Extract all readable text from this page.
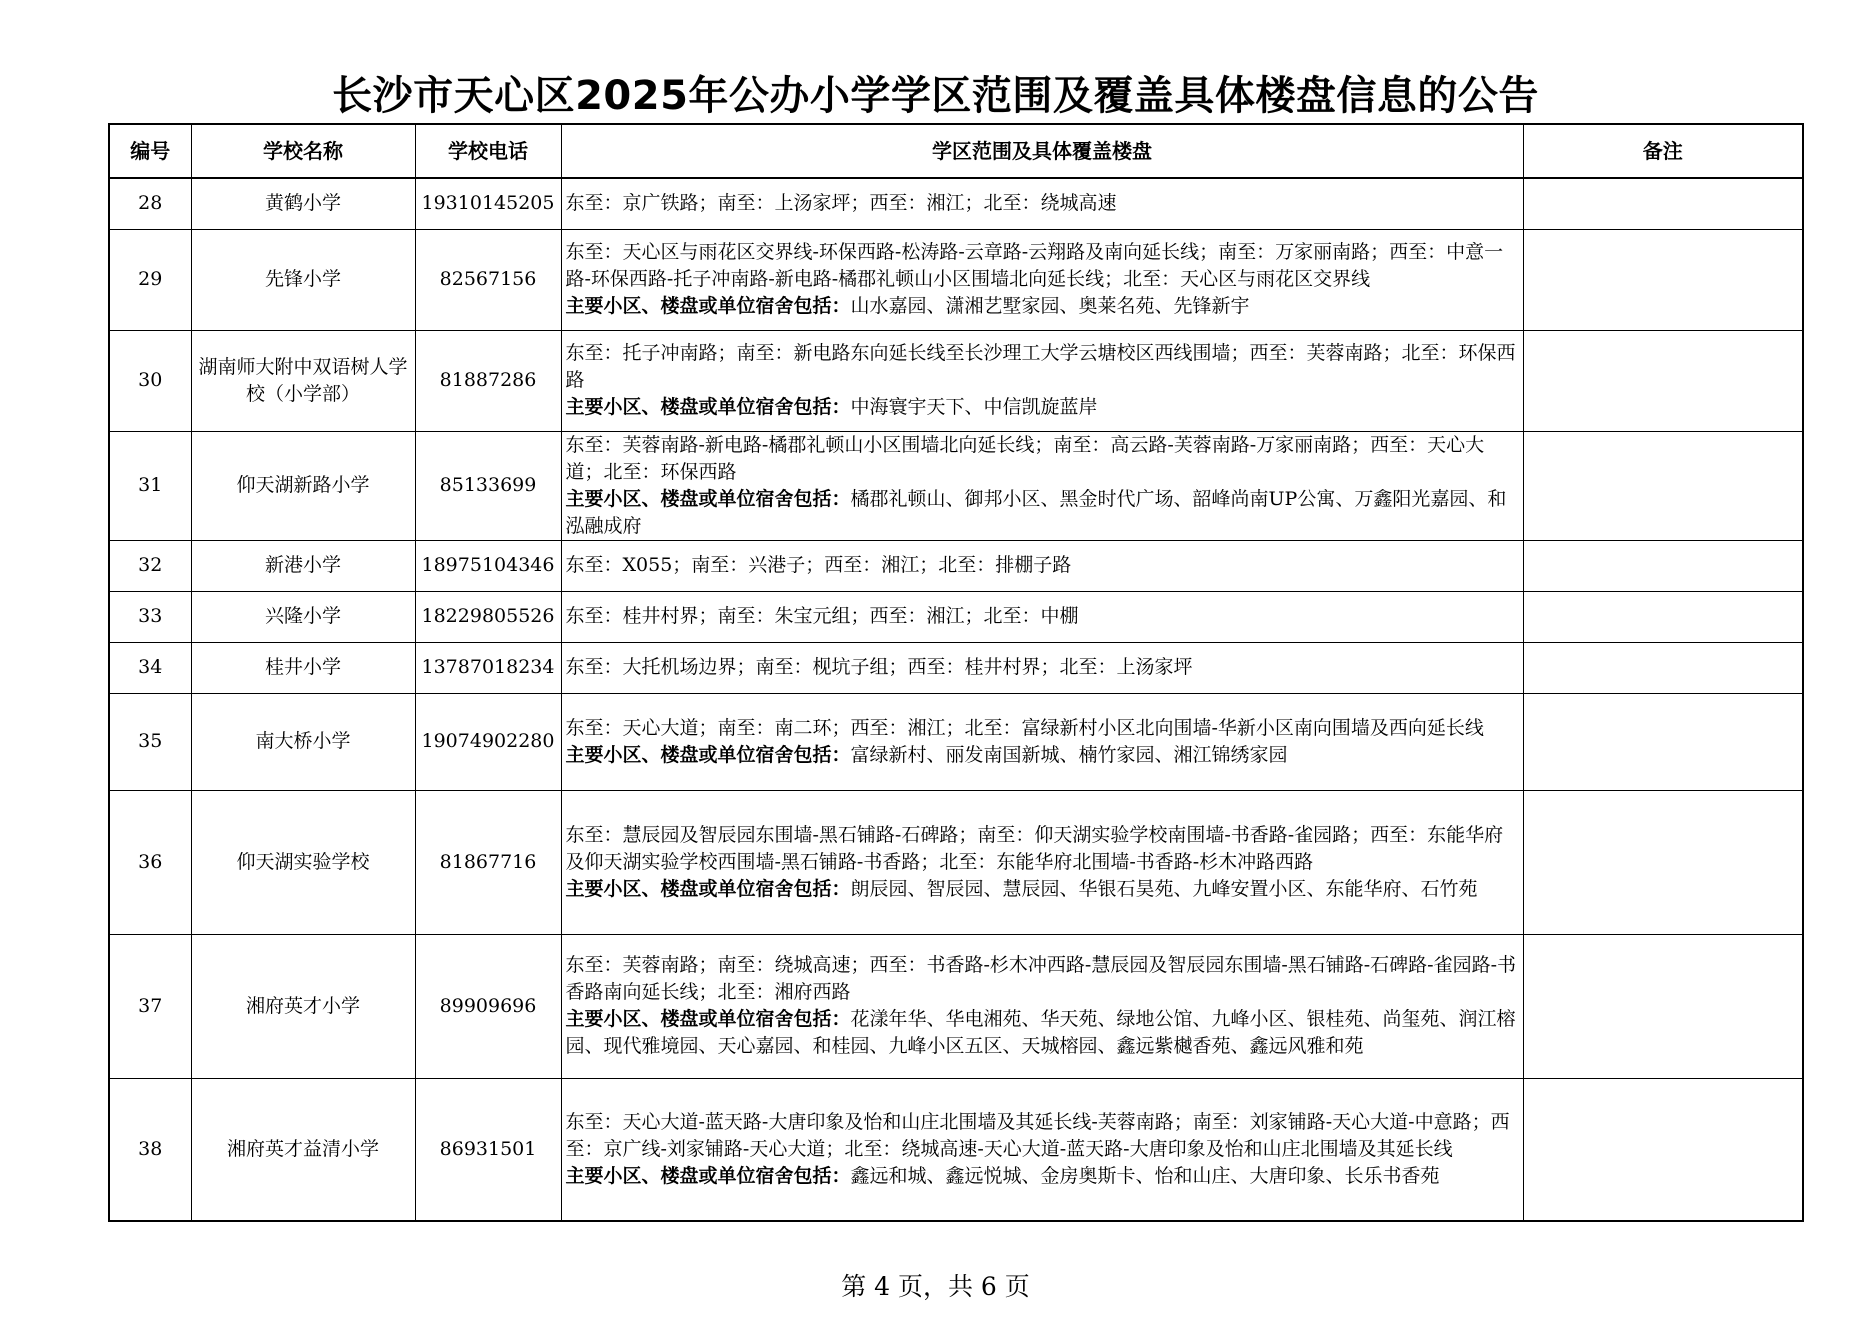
长沙市天心区2025年公办小学学区范围及覆盖具体楼盘信息的公告
编号	学校名称	学校电话	学区范围及具体覆盖楼盘	备注
28	黄鹤小学	19310145205	东至：京广铁路；南至：上汤家坪；西至：湘江；北至：绕城高速	
29	先锋小学	82567156	东至：天心区与雨花区交界线-环保西路-松涛路-云章路-云翔路及南向延长线；南至：万家丽南路；西至：中意一路-环保西路-托子冲南路-新电路-橘郡礼顿山小区围墙北向延长线；北至：天心区与雨花区交界线
主要小区、楼盘或单位宿舍包括：山水嘉园、潇湘艺墅家园、奥莱名苑、先锋新宇	
30	湖南师大附中双语树人学校（小学部）	81887286	东至：托子冲南路；南至：新电路东向延长线至长沙理工大学云塘校区西线围墙；西至：芙蓉南路；北至：环保西路
主要小区、楼盘或单位宿舍包括：中海寰宇天下、中信凯旋蓝岸	
31	仰天湖新路小学	85133699	东至：芙蓉南路-新电路-橘郡礼顿山小区围墙北向延长线；南至：高云路-芙蓉南路-万家丽南路；西至：天心大道；北至：环保西路
主要小区、楼盘或单位宿舍包括：橘郡礼顿山、御邦小区、黑金时代广场、韶峰尚南UP公寓、万鑫阳光嘉园、和泓融成府	
32	新港小学	18975104346	东至：X055；南至：兴港子；西至：湘江；北至：排棚子路	
33	兴隆小学	18229805526	东至：桂井村界；南至：朱宝元组；西至：湘江；北至：中棚	
34	桂井小学	13787018234	东至：大托机场边界；南至：枧坑子组；西至：桂井村界；北至：上汤家坪	
35	南大桥小学	19074902280	东至：天心大道；南至：南二环；西至：湘江；北至：富绿新村小区北向围墙-华新小区南向围墙及西向延长线
主要小区、楼盘或单位宿舍包括：富绿新村、丽发南国新城、楠竹家园、湘江锦绣家园	
36	仰天湖实验学校	81867716	东至：慧辰园及智辰园东围墙-黑石铺路-石碑路；南至：仰天湖实验学校南围墙-书香路-雀园路；西至：东能华府及仰天湖实验学校西围墙-黑石铺路-书香路；北至：东能华府北围墙-书香路-杉木冲路西路
主要小区、楼盘或单位宿舍包括：朗辰园、智辰园、慧辰园、华银石昊苑、九峰安置小区、东能华府、石竹苑	
37	湘府英才小学	89909696	东至：芙蓉南路；南至：绕城高速；西至：书香路-杉木冲西路-慧辰园及智辰园东围墙-黑石铺路-石碑路-雀园路-书香路南向延长线；北至：湘府西路
主要小区、楼盘或单位宿舍包括：花漾年华、华电湘苑、华天苑、绿地公馆、九峰小区、银桂苑、尚玺苑、润江榕园、现代雅境园、天心嘉园、和桂园、九峰小区五区、天城榕园、鑫远紫樾香苑、鑫远风雅和苑	
38	湘府英才益清小学	86931501	东至：天心大道-蓝天路-大唐印象及怡和山庄北围墙及其延长线-芙蓉南路；南至：刘家铺路-天心大道-中意路；西至：京广线-刘家铺路-天心大道；北至：绕城高速-天心大道-蓝天路-大唐印象及怡和山庄北围墙及其延长线
主要小区、楼盘或单位宿舍包括：鑫远和城、鑫远悦城、金房奥斯卡、怡和山庄、大唐印象、长乐书香苑	
第 4 页，共 6 页
